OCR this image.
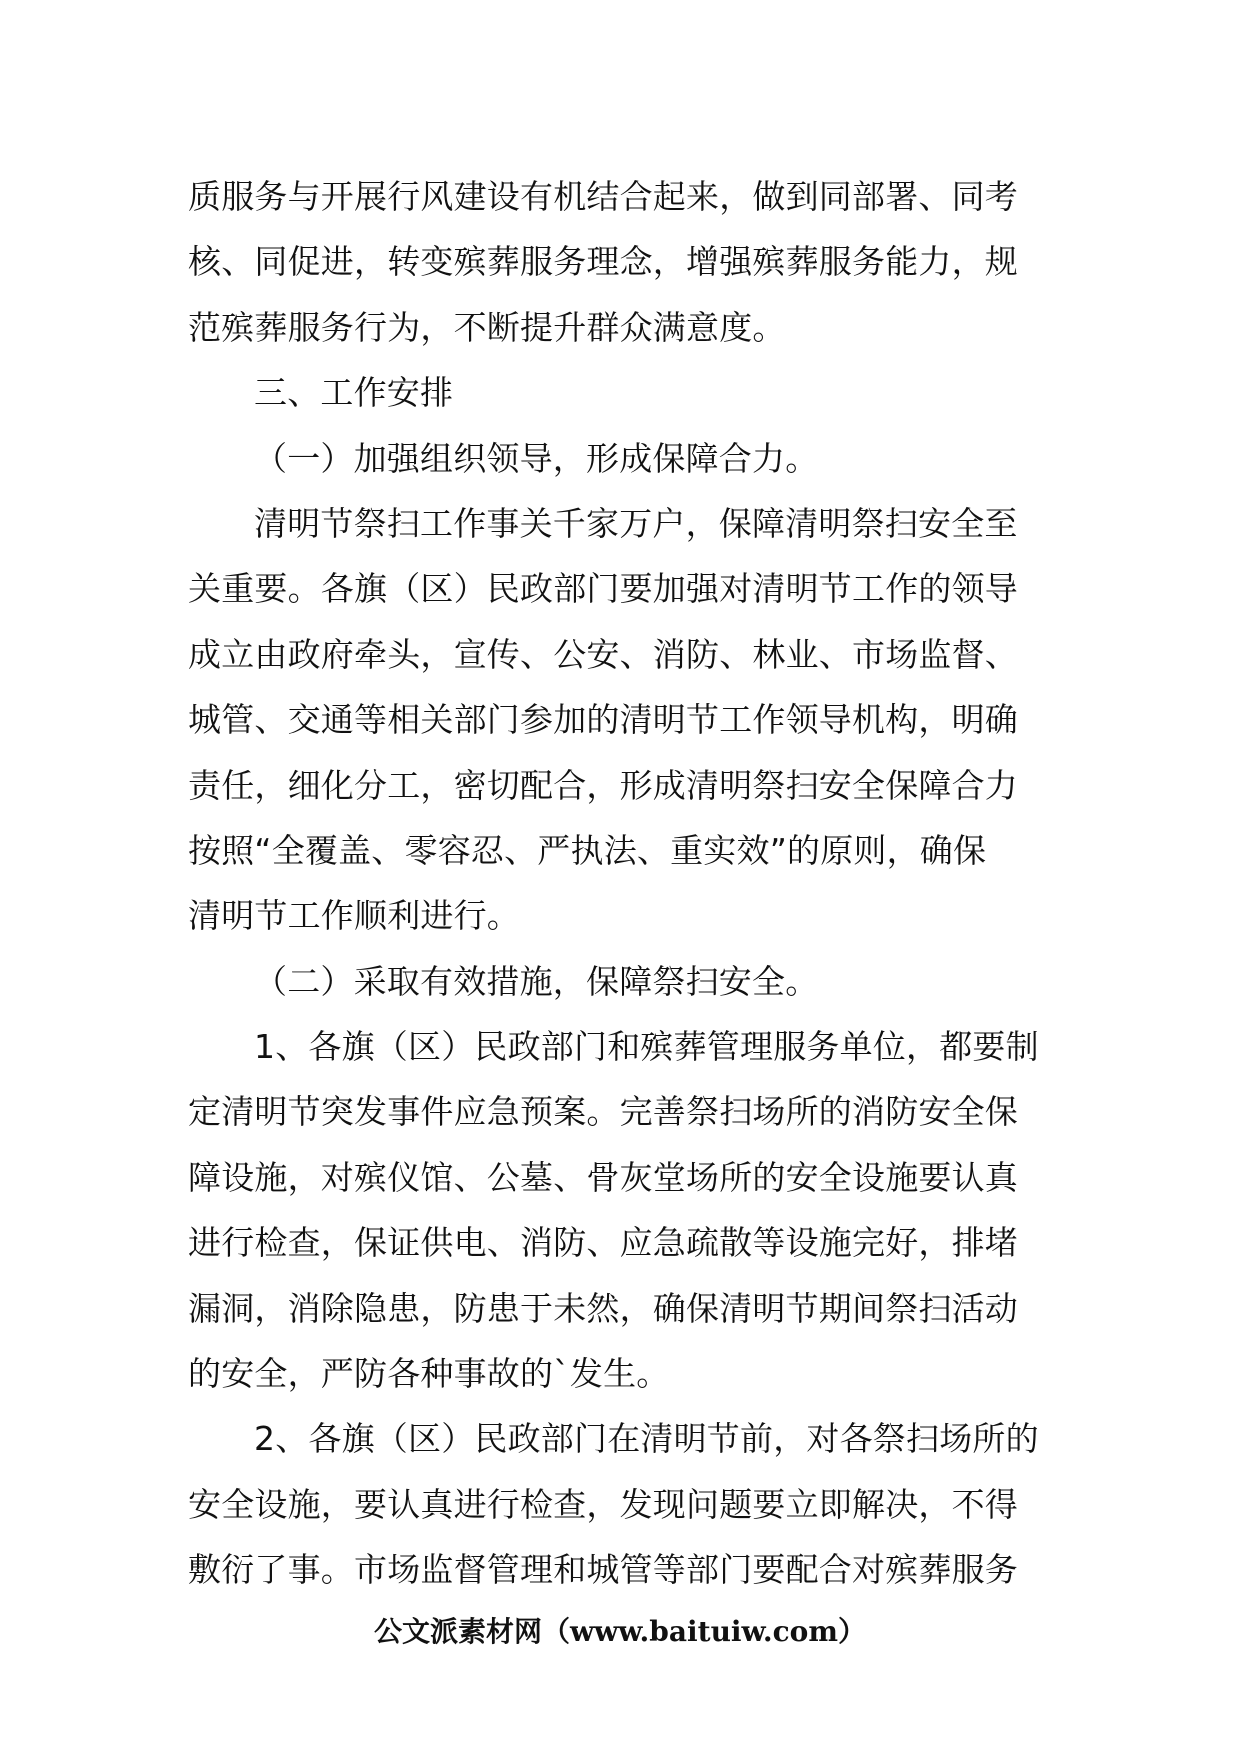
质服务与开展行风建设有机结合起来，做到同部署、同考
核、同促进，转变殡葬服务理念，增强殡葬服务能力，规
范殡葬服务行为，不断提升群众满意度。
三、工作安排
（一）加强组织领导，形成保障合力。
清明节祭扫工作事关千家万户，保障清明祭扫安全至
关重要。各旗（区）民政部门要加强对清明节工作的领导
成立由政府牵头，宣传、公安、消防、林业、市场监督、
城管、交通等相关部门参加的清明节工作领导机构，明确
责任，细化分工，密切配合，形成清明祭扫安全保障合力
按照“全覆盖、零容忍、严执法、重实效”的原则，确保
清明节工作顺利进行。
（二）采取有效措施，保障祭扫安全。
1、各旗（区）民政部门和殡葬管理服务单位，都要制
定清明节突发事件应急预案。完善祭扫场所的消防安全保
障设施，对殡仪馆、公墓、骨灰堂场所的安全设施要认真
进行检查，保证供电、消防、应急疏散等设施完好，排堵
漏洞，消除隐患，防患于未然，确保清明节期间祭扫活动
的安全，严防各种事故的`发生。
2、各旗（区）民政部门在清明节前，对各祭扫场所的
安全设施，要认真进行检查，发现问题要立即解决，不得
敷衍了事。市场监督管理和城管等部门要配合对殡葬服务
公文派素材网（www.baituiw.com）
